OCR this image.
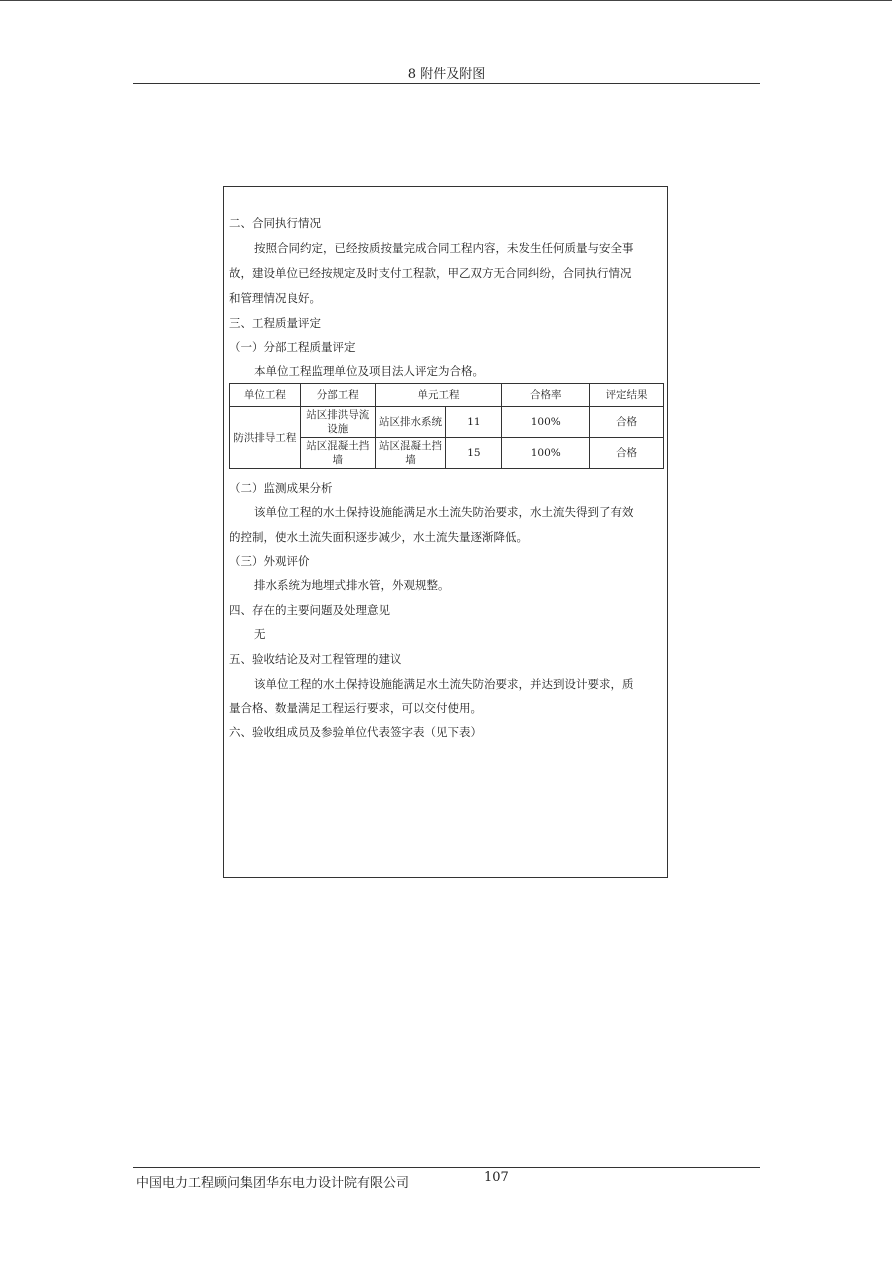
8 附件及附图
二、合同执行情况
按照合同约定，已经按质按量完成合同工程内容，未发生任何质量与安全事
故，建设单位已经按规定及时支付工程款，甲乙双方无合同纠纷，合同执行情况
和管理情况良好。
三、工程质量评定
（一）分部工程质量评定
本单位工程监理单位及项目法人评定为合格。
单位工程	分部工程	单元工程		合格率	评定结果
防洪排导工程	站区排洪导流设施	站区排水系统	11	100%	合格
	站区混凝土挡墙	站区混凝土挡墙	15	100%	合格
（二）监测成果分析
该单位工程的水土保持设施能满足水土流失防治要求，水土流失得到了有效
的控制，使水土流失面积逐步减少，水土流失量逐渐降低。
（三）外观评价
排水系统为地埋式排水管，外观规整。
四、存在的主要问题及处理意见
无
五、验收结论及对工程管理的建议
该单位工程的水土保持设施能满足水土流失防治要求，并达到设计要求，质
量合格、数量满足工程运行要求，可以交付使用。
六、验收组成员及参验单位代表签字表（见下表）
中国电力工程顾问集团华东电力设计院有限公司	107
